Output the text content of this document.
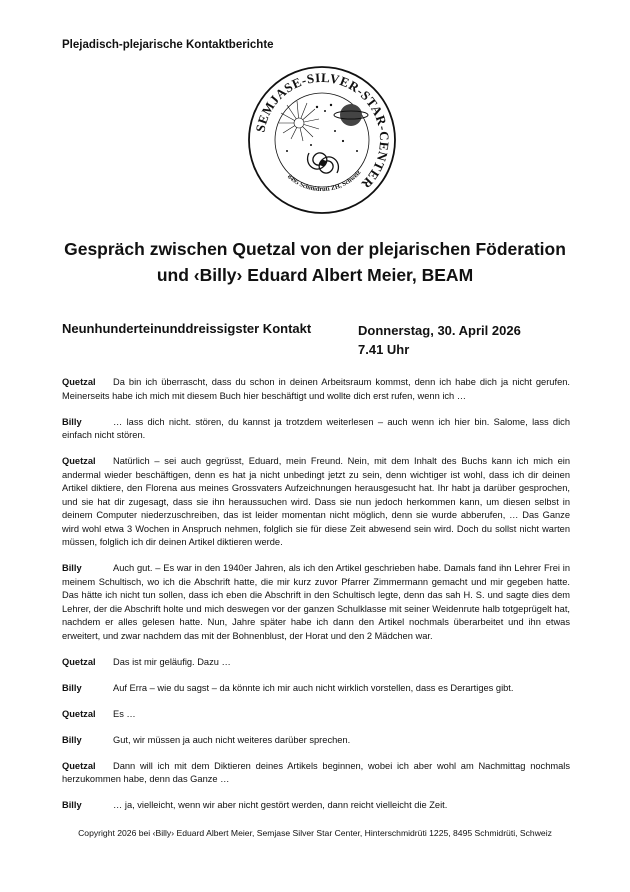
Plejadisch-plejarische Kontaktberichte
SEMJASE-SILVER-STAR-CENTER
8495 Schmidrüti ZH, Schweiz
Gespräch zwischen Quetzal von der plejarischen Föderation
und ‹Billy› Eduard Albert Meier, BEAM
Neunhunderteinunddreissigster Kontakt	Donnerstag, 30. April 2026
7.41 Uhr

Quetzal Da bin ich überrascht, dass du schon in deinen Arbeitsraum kommst, denn ich habe dich ja nicht gerufen. Meinerseits habe ich mich mit diesem Buch hier beschäftigt und wollte dich erst rufen, wenn ich …

Billy	… lass dich nicht. stören, du kannst ja trotzdem weiterlesen – auch wenn ich hier bin. Salome, lass dich einfach nicht stören.

Quetzal Natürlich – sei auch gegrüsst, Eduard, mein Freund. Nein, mit dem Inhalt des Buchs kann ich mich ein andermal wieder beschäftigen, denn es hat ja nicht unbedingt jetzt zu sein, denn wichtiger ist wohl, dass ich dir deinen Artikel diktiere, den Florena aus meines Grossvaters Aufzeichnungen herausgesucht hat. Ihr habt ja darüber gesprochen, und sie hat dir zugesagt, dass sie ihn heraussuchen wird. Dass sie nun jedoch herkommen kann, um diesen selbst in deinem Computer niederzuschreiben, das ist leider momentan nicht möglich, denn sie wurde abberufen, … Das Ganze wird wohl etwa 3 Wochen in Anspruch nehmen, folglich sie für diese Zeit abwesend sein wird. Doch du sollst nicht warten müssen, folglich ich dir deinen Artikel diktieren werde.

Billy	Auch gut. – Es war in den 1940er Jahren, als ich den Artikel geschrieben habe. Damals fand ihn Lehrer Frei in meinem Schultisch, wo ich die Abschrift hatte, die mir kurz zuvor Pfarrer Zimmermann gemacht und mir gegeben hatte. Das hätte ich nicht tun sollen, dass ich eben die Abschrift in den Schultisch legte, denn das sah H. S. und sagte dies dem Lehrer, der die Abschrift holte und mich deswegen vor der ganzen Schulklasse mit seiner Weidenrute halb totgeprügelt hat, nachdem er alles gelesen hatte. Nun, Jahre später habe ich dann den Artikel nochmals überarbeitet und ihn etwas erweitert, und zwar nachdem das mit der Bohnenblust, der Horat und den 2 Mädchen war.

Quetzal Das ist mir geläufig. Dazu …

Billy	Auf Erra – wie du sagst – da könnte ich mir auch nicht wirklich vorstellen, dass es Derartiges gibt.

Quetzal Es …

Billy	Gut, wir müssen ja auch nicht weiteres darüber sprechen.

Quetzal Dann will ich mit dem Diktieren deines Artikels beginnen, wobei ich aber wohl am Nachmittag nochmals herzukommen habe, denn das Ganze …

Billy	… ja, vielleicht, wenn wir aber nicht gestört werden, dann reicht vielleicht die Zeit.

Copyright 2026 bei ‹Billy› Eduard Albert Meier, Semjase Silver Star Center, Hinterschmidrüti 1225, 8495 Schmidrüti, Schweiz
